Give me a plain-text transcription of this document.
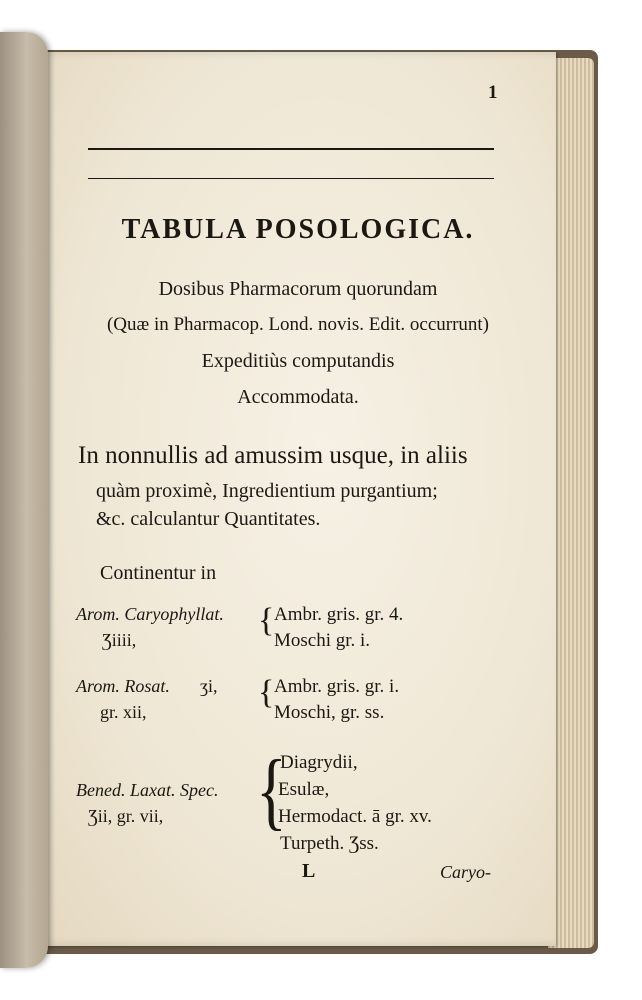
1
TABULA POSOLOGICA.
Dosibus Pharmacorum quorundam
(Quæ in Pharmacop. Lond. novis. Edit. occurrunt)
Expeditiùs computandis
Accommodata.
In nonnullis ad amussim usque, in aliis
quàm proximè, Ingredientium purgantium;
&c. calculantur Quantitates.
Continentur in
Arom. Caryophyllat.
Ʒiiii,
{ Ambr. gris. gr. 4.
Moschi gr. i.
Arom. Rosat. ʒi,
gr. xii,
{ Ambr. gris. gr. i.
Moschi, gr. ss.
Bened. Laxat. Spec.
Ʒii, gr. vii, {
Diagrydii,
Esulæ,
Hermodact. ā gr. xv.
Turpeth. Ʒss.
L	Caryo-
